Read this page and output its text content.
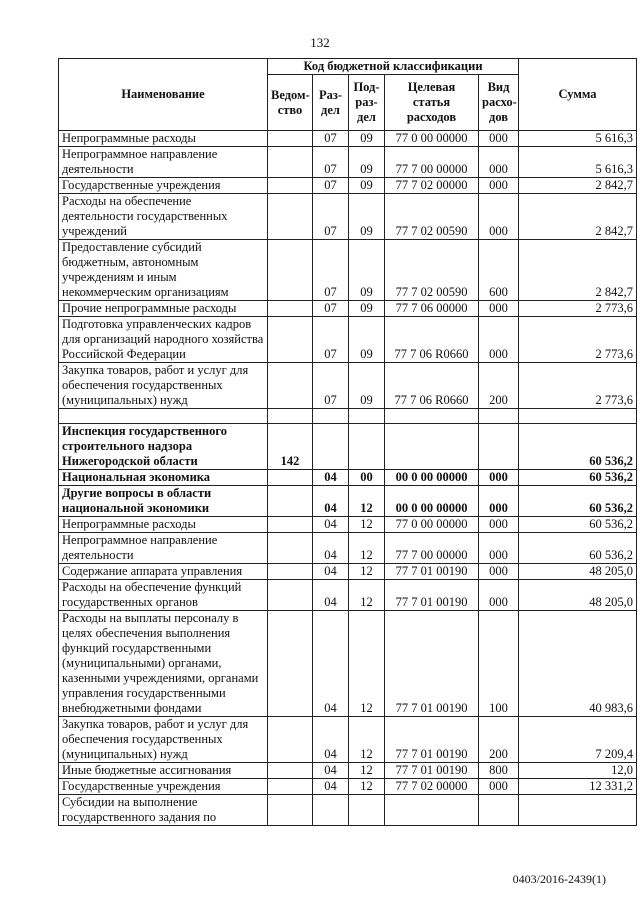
132
Наименование	Код бюджетной классификации					Сумма
	Ведом-ство	Раз-дел	Под-раз-дел	Целевая статья расходов	Вид расхо-дов	
Непрограммные расходы		07	09	77 0 00 00000	000	5 616,3
Непрограммное направление деятельности		07	09	77 7 00 00000	000	5 616,3
Государственные учреждения		07	09	77 7 02 00000	000	2 842,7
Расходы на обеспечение деятельности государственных учреждений		07	09	77 7 02 00590	000	2 842,7
Предоставление субсидий бюджетным, автономным учреждениям и иным некоммерческим организациям		07	09	77 7 02 00590	600	2 842,7
Прочие непрограммные расходы		07	09	77 7 06 00000	000	2 773,6
Подготовка управленческих кадров для организаций народного хозяйства Российской Федерации		07	09	77 7 06 R0660	000	2 773,6
Закупка товаров, работ и услуг для обеспечения государственных (муниципальных) нужд		07	09	77 7 06 R0660	200	2 773,6

Инспекция государственного строительного надзора Нижегородской области	142					60 536,2
Национальная экономика		04	00	00 0 00 00000	000	60 536,2
Другие вопросы в области национальной экономики		04	12	00 0 00 00000	000	60 536,2
Непрограммные расходы		04	12	77 0 00 00000	000	60 536,2
Непрограммное направление деятельности		04	12	77 7 00 00000	000	60 536,2
Содержание аппарата управления		04	12	77 7 01 00190	000	48 205,0
Расходы на обеспечение функций государственных органов		04	12	77 7 01 00190	000	48 205,0
Расходы на выплаты персоналу в целях обеспечения выполнения функций государственными (муниципальными) органами, казенными учреждениями, органами управления государственными внебюджетными фондами		04	12	77 7 01 00190	100	40 983,6
Закупка товаров, работ и услуг для обеспечения государственных (муниципальных) нужд		04	12	77 7 01 00190	200	7 209,4
Иные бюджетные ассигнования		04	12	77 7 01 00190	800	12,0
Государственные учреждения		04	12	77 7 02 00000	000	12 331,2
Субсидии на выполнение государственного задания по						
0403/2016-2439(1)
